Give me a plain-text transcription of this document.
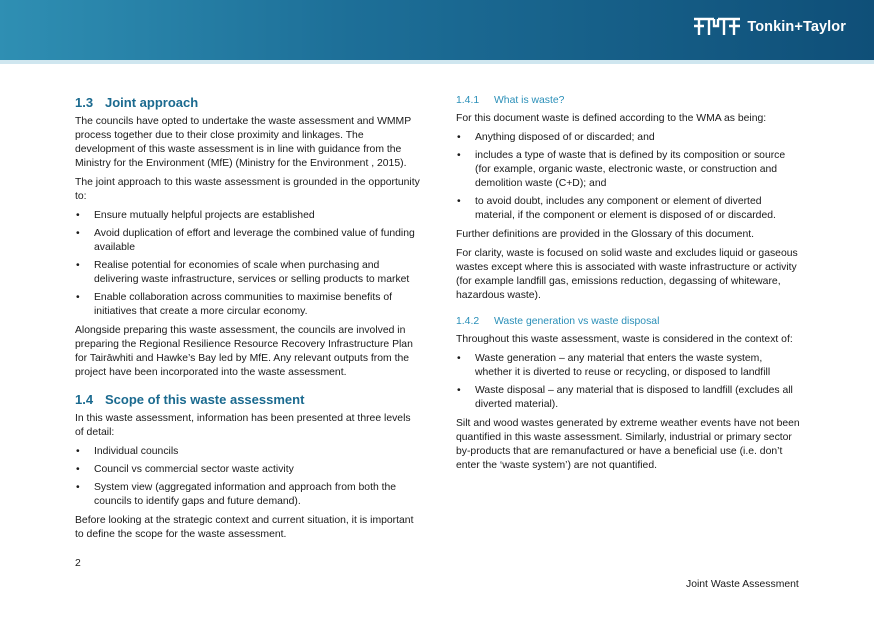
Tonkin+Taylor
1.3 Joint approach

The councils have opted to undertake the waste assessment and WMMP process together due to their close proximity and linkages. The development of this waste assessment is in line with guidance from the Ministry for the Environment (MfE) (Ministry for the Environment , 2015).

The joint approach to this waste assessment is grounded in the opportunity to:

• Ensure mutually helpful projects are established
• Avoid duplication of effort and leverage the combined value of funding available
• Realise potential for economies of scale when purchasing and delivering waste infrastructure, services or selling products to market
• Enable collaboration across communities to maximise benefits of initiatives that create a more circular economy.

Alongside preparing this waste assessment, the councils are involved in preparing the Regional Resilience Resource Recovery Infrastructure Plan for Tairāwhiti and Hawke’s Bay led by MfE. Any relevant outputs from the project have been incorporated into the waste assessment.

1.4 Scope of this waste assessment

In this waste assessment, information has been presented at three levels of detail:

• Individual councils
• Council vs commercial sector waste activity
• System view (aggregated information and approach from both the councils to identify gaps and future demand).

Before looking at the strategic context and current situation, it is important to define the scope for the waste assessment.

1.4.1 What is waste?

For this document waste is defined according to the WMA as being:

• Anything disposed of or discarded; and
• includes a type of waste that is defined by its composition or source (for example, organic waste, electronic waste, or construction and demolition waste (C+D); and
• to avoid doubt, includes any component or element of diverted material, if the component or element is disposed of or discarded.

Further definitions are provided in the Glossary of this document.

For clarity, waste is focused on solid waste and excludes liquid or gaseous wastes except where this is associated with waste infrastructure or activity (for example landfill gas, emissions reduction, degassing of whiteware, hazardous waste).

1.4.2 Waste generation vs waste disposal

Throughout this waste assessment, waste is considered in the context of:

• Waste generation – any material that enters the waste system, whether it is diverted to reuse or recycling, or disposed to landfill
• Waste disposal – any material that is disposed to landfill (excludes all diverted material).

Silt and wood wastes generated by extreme weather events have not been quantified in this waste assessment. Similarly, industrial or primary sector by-products that are remanufactured or have a beneficial use (i.e. don’t enter the ‘waste system’) are not quantified.

2
Joint Waste Assessment
